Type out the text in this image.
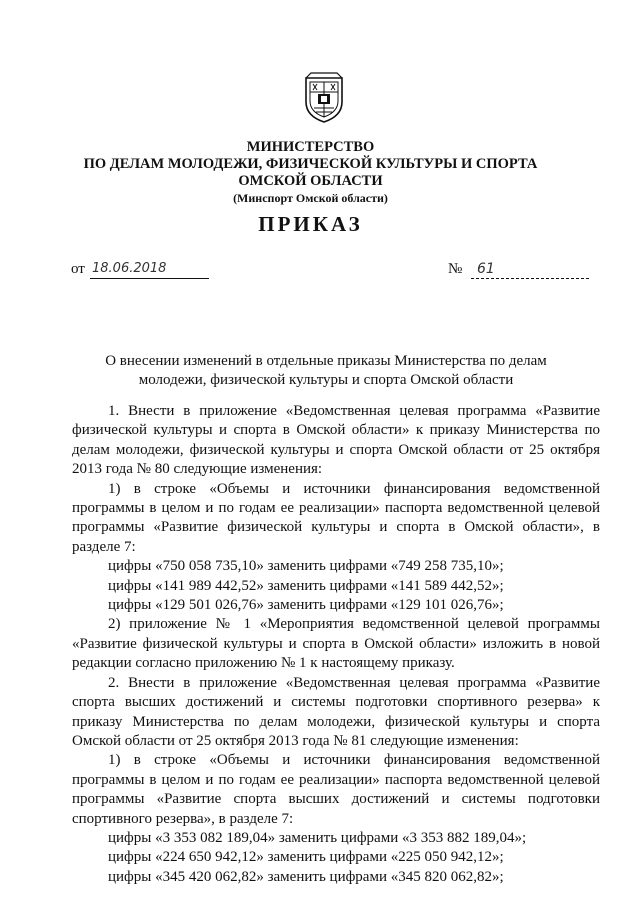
МИНИСТЕРСТВО
ПО ДЕЛАМ МОЛОДЕЖИ, ФИЗИЧЕСКОЙ КУЛЬТУРЫ И СПОРТА
ОМСКОЙ ОБЛАСТИ
(Минспорт Омской области)
ПРИКАЗ
от 18.06.2018	№	61
О внесении изменений в отдельные приказы Министерства по делам молодежи, физической культуры и спорта Омской области

1. Внести в приложение «Ведомственная целевая программа «Развитие физической культуры и спорта в Омской области» к приказу Министерства по делам молодежи, физической культуры и спорта Омской области от 25 октября 2013 года № 80 следующие изменения:

1) в строке «Объемы и источники финансирования ведомственной программы в целом и по годам ее реализации» паспорта ведомственной целевой программы «Развитие физической культуры и спорта в Омской области», в разделе 7:

цифры «750 058 735,10» заменить цифрами «749 258 735,10»;

цифры «141 989 442,52» заменить цифрами «141 589 442,52»;

цифры «129 501 026,76» заменить цифрами «129 101 026,76»;

2) приложение № 1 «Мероприятия ведомственной целевой программы «Развитие физической культуры и спорта в Омской области» изложить в новой редакции согласно приложению № 1 к настоящему приказу.

2. Внести в приложение «Ведомственная целевая программа «Развитие спорта высших достижений и системы подготовки спортивного резерва» к приказу Министерства по делам молодежи, физической культуры и спорта Омской области от 25 октября 2013 года № 81 следующие изменения:

1) в строке «Объемы и источники финансирования ведомственной программы в целом и по годам ее реализации» паспорта ведомственной целевой программы «Развитие спорта высших достижений и системы подготовки спортивного резерва», в разделе 7:

цифры «3 353 082 189,04» заменить цифрами «3 353 882 189,04»;

цифры «224 650 942,12» заменить цифрами «225 050 942,12»;

цифры «345 420 062,82» заменить цифрами «345 820 062,82»;
